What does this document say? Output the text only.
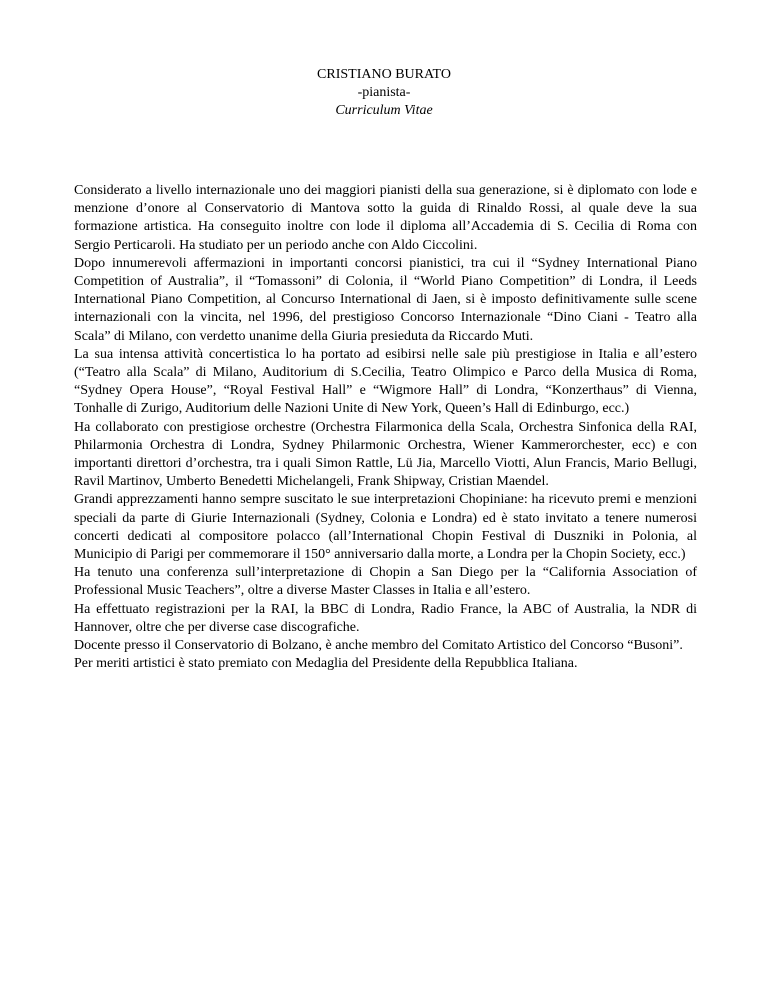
CRISTIANO BURATO
-pianista-
Curriculum Vitae

Considerato a livello internazionale uno dei maggiori pianisti della sua generazione, si è diplomato con lode e menzione d’onore al Conservatorio di Mantova sotto la guida di Rinaldo Rossi, al quale deve la sua formazione artistica. Ha conseguito inoltre con lode il diploma all’Accademia di S. Cecilia di Roma con Sergio Perticaroli. Ha studiato per un periodo anche con Aldo Ciccolini.

Dopo innumerevoli affermazioni in importanti concorsi pianistici, tra cui il “Sydney International Piano Competition of Australia”, il “Tomassoni” di Colonia, il “World Piano Competition” di Londra, il Leeds International Piano Competition, al Concurso International di Jaen, si è imposto definitivamente sulle scene internazionali con la vincita, nel 1996, del prestigioso Concorso Internazionale “Dino Ciani - Teatro alla Scala” di Milano, con verdetto unanime della Giuria presieduta da Riccardo Muti.

La sua intensa attività concertistica lo ha portato ad esibirsi nelle sale più prestigiose in Italia e all’estero (“Teatro alla Scala” di Milano, Auditorium di S.Cecilia, Teatro Olimpico e Parco della Musica di Roma, “Sydney Opera House”, “Royal Festival Hall” e “Wigmore Hall” di Londra, “Konzerthaus” di Vienna, Tonhalle di Zurigo, Auditorium delle Nazioni Unite di New York, Queen’s Hall di Edinburgo, ecc.)

Ha collaborato con prestigiose orchestre (Orchestra Filarmonica della Scala, Orchestra Sinfonica della RAI, Philarmonia Orchestra di Londra, Sydney Philarmonic Orchestra, Wiener Kammerorchester, ecc) e con importanti direttori d’orchestra, tra i quali Simon Rattle, Lü Jia, Marcello Viotti, Alun Francis, Mario Bellugi, Ravil Martinov, Umberto Benedetti Michelangeli, Frank Shipway, Cristian Maendel.

Grandi apprezzamenti hanno sempre suscitato le sue interpretazioni Chopiniane: ha ricevuto premi e menzioni speciali da parte di Giurie Internazionali (Sydney, Colonia e Londra) ed è stato invitato a tenere numerosi concerti dedicati al compositore polacco (all’International Chopin Festival di Duszniki in Polonia, al Municipio di Parigi per commemorare il 150° anniversario dalla morte, a Londra per la Chopin Society, ecc.)

Ha tenuto una conferenza sull’interpretazione di Chopin a San Diego per la “California Association of Professional Music Teachers”, oltre a diverse Master Classes in Italia e all’estero.

Ha effettuato registrazioni per la RAI, la BBC di Londra, Radio France, la ABC of Australia, la NDR di Hannover, oltre che per diverse case discografiche.

Docente presso il Conservatorio di Bolzano, è anche membro del Comitato Artistico del Concorso “Busoni”.

Per meriti artistici è stato premiato con Medaglia del Presidente della Repubblica Italiana.
